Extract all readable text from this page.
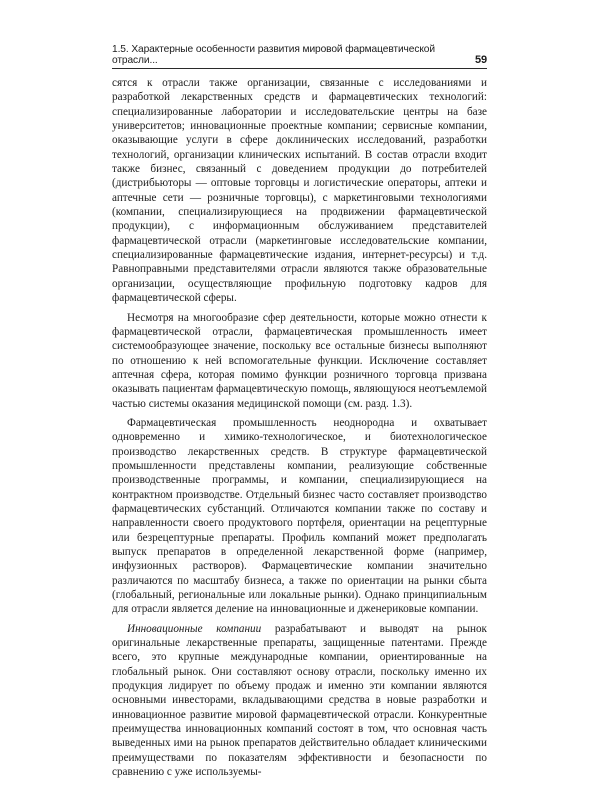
1.5. Характерные особенности развития мировой фармацевтической отрасли...	59

сятся к отрасли также организации, связанные с исследованиями и разработкой лекарственных средств и фармацевтических технологий: специализированные лаборатории и исследовательские центры на базе университетов; инновационные проектные компании; сервисные компании, оказывающие услуги в сфере доклинических исследований, разработки технологий, организации клинических испытаний. В состав отрасли входит также бизнес, связанный с доведением продукции до потребителей (дистрибьюторы — оптовые торговцы и логистические операторы, аптеки и аптечные сети — розничные торговцы), с маркетинговыми технологиями (компании, специализирующиеся на продвижении фармацевтической продукции), с информационным обслуживанием представителей фармацевтической отрасли (маркетинговые исследовательские компании, специализированные фармацевтические издания, интернет-ресурсы) и т.д. Равноправными представителями отрасли являются также образовательные организации, осуществляющие профильную подготовку кадров для фармацевтической сферы.

Несмотря на многообразие сфер деятельности, которые можно отнести к фармацевтической отрасли, фармацевтическая промышленность имеет системообразующее значение, поскольку все остальные бизнесы выполняют по отношению к ней вспомогательные функции. Исключение составляет аптечная сфера, которая помимо функции розничного торговца призвана оказывать пациентам фармацевтическую помощь, являющуюся неотъемлемой частью системы оказания медицинской помощи (см. разд. 1.3).

Фармацевтическая промышленность неоднородна и охватывает одновременно и химико-технологическое, и биотехнологическое производство лекарственных средств. В структуре фармацевтической промышленности представлены компании, реализующие собственные производственные программы, и компании, специализирующиеся на контрактном производстве. Отдельный бизнес часто составляет производство фармацевтических субстанций. Отличаются компании также по составу и направленности своего продуктового портфеля, ориентации на рецептурные или безрецептурные препараты. Профиль компаний может предполагать выпуск препаратов в определенной лекарственной форме (например, инфузионных растворов). Фармацевтические компании значительно различаются по масштабу бизнеса, а также по ориентации на рынки сбыта (глобальный, региональные или локальные рынки). Однако принципиальным для отрасли является деление на инновационные и дженериковые компании.

Инновационные компании разрабатывают и выводят на рынок оригинальные лекарственные препараты, защищенные патентами. Прежде всего, это крупные международные компании, ориентированные на глобальный рынок. Они составляют основу отрасли, поскольку именно их продукция лидирует по объему продаж и именно эти компании являются основными инвесторами, вкладывающими средства в новые разработки и инновационное развитие мировой фармацевтической отрасли. Конкурентные преимущества инновационных компаний состоят в том, что основная часть выведенных ими на рынок препаратов действительно обладает клиническими преимуществами по показателям эффективности и безопасности по сравнению с уже используемы-
